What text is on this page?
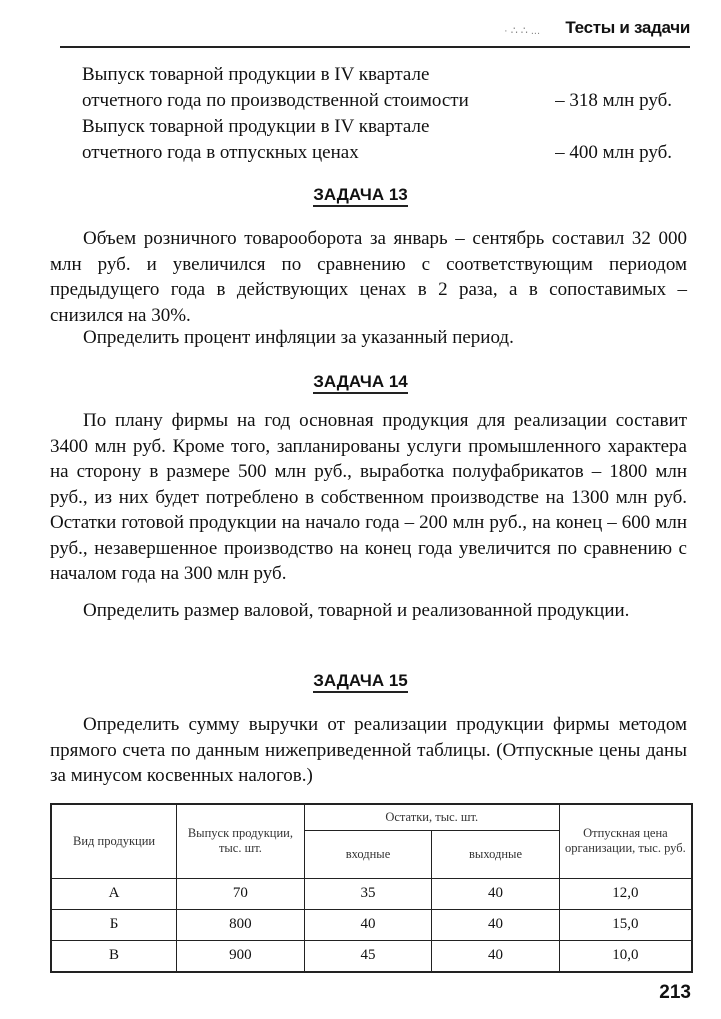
· ∴ ∴ ... Тесты и задачи
Выпуск товарной продукции в IV квартале
отчетного года по производственной стоимости	– 318 млн руб.
Выпуск товарной продукции в IV квартале
отчетного года в отпускных ценах	– 400 млн руб.
ЗАДАЧА 13
Объем розничного товарооборота за январь – сентябрь составил 32 000 млн руб. и увеличился по сравнению с соответствующим периодом предыдущего года в действующих ценах в 2 раза, а в сопоставимых – снизился на 30%.
Определить процент инфляции за указанный период.
ЗАДАЧА 14
По плану фирмы на год основная продукция для реализации составит 3400 млн руб. Кроме того, запланированы услуги промышленного характера на сторону в размере 500 млн руб., выработка полуфабрикатов – 1800 млн руб., из них будет потреблено в собственном производстве на 1300 млн руб. Остатки готовой продукции на начало года – 200 млн руб., на конец – 600 млн руб., незавершенное производство на конец года увеличится по сравнению с началом года на 300 млн руб.
Определить размер валовой, товарной и реализованной продукции.
ЗАДАЧА 15
Определить сумму выручки от реализации продукции фирмы методом прямого счета по данным нижеприведенной таблицы. (Отпускные цены даны за минусом косвенных налогов.)
Вид продукции	Выпуск продукции, тыс. шт.	Остатки, тыс. шт.		Отпускная цена организации, тыс. руб.
		входные	выходные	
А	70	35	40	12,0
Б	800	40	40	15,0
В	900	45	40	10,0
213
